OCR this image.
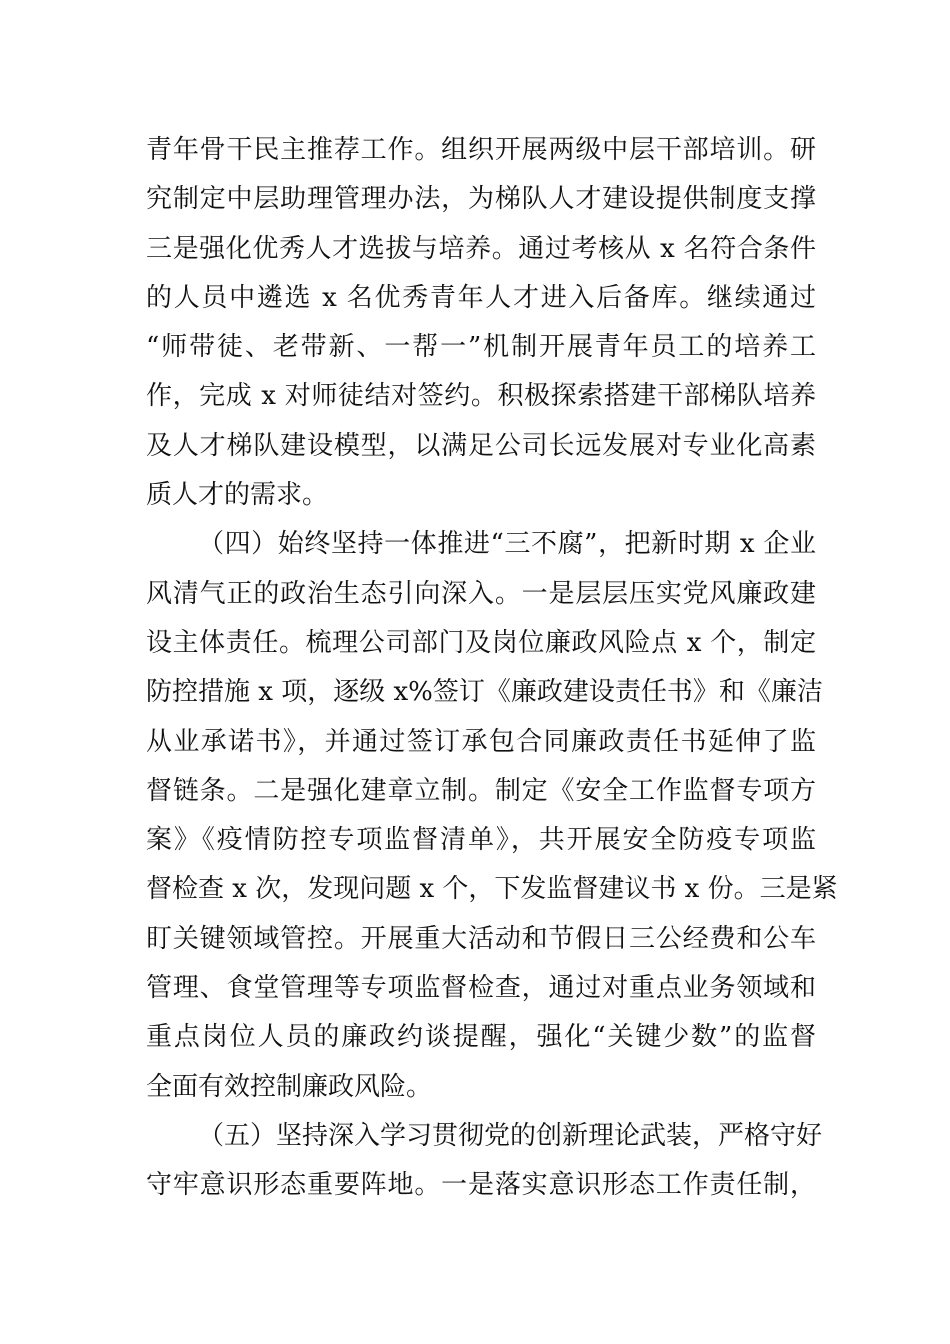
青年骨干民主推荐工作。组织开展两级中层干部培训。研
究制定中层助理管理办法，为梯队人才建设提供制度支撑
三是强化优秀人才选拔与培养。通过考核从 x 名符合条件
的人员中遴选 x 名优秀青年人才进入后备库。继续通过
“师带徒、老带新、一帮一”机制开展青年员工的培养工
作，完成 x 对师徒结对签约。积极探索搭建干部梯队培养
及人才梯队建设模型，以满足公司长远发展对专业化高素
质人才的需求。
（四）始终坚持一体推进“三不腐”，把新时期 x 企业
风清气正的政治生态引向深入。一是层层压实党风廉政建
设主体责任。梳理公司部门及岗位廉政风险点 x 个，制定
防控措施 x 项，逐级 x%签订《廉政建设责任书》和《廉洁
从业承诺书》，并通过签订承包合同廉政责任书延伸了监
督链条。二是强化建章立制。制定《安全工作监督专项方
案》《疫情防控专项监督清单》，共开展安全防疫专项监
督检查 x 次，发现问题 x 个，下发监督建议书 x 份。三是紧
盯关键领域管控。开展重大活动和节假日三公经费和公车
管理、食堂管理等专项监督检查，通过对重点业务领域和
重点岗位人员的廉政约谈提醒，强化“关键少数”的监督
全面有效控制廉政风险。
（五）坚持深入学习贯彻党的创新理论武装，严格守好
守牢意识形态重要阵地。一是落实意识形态工作责任制，
